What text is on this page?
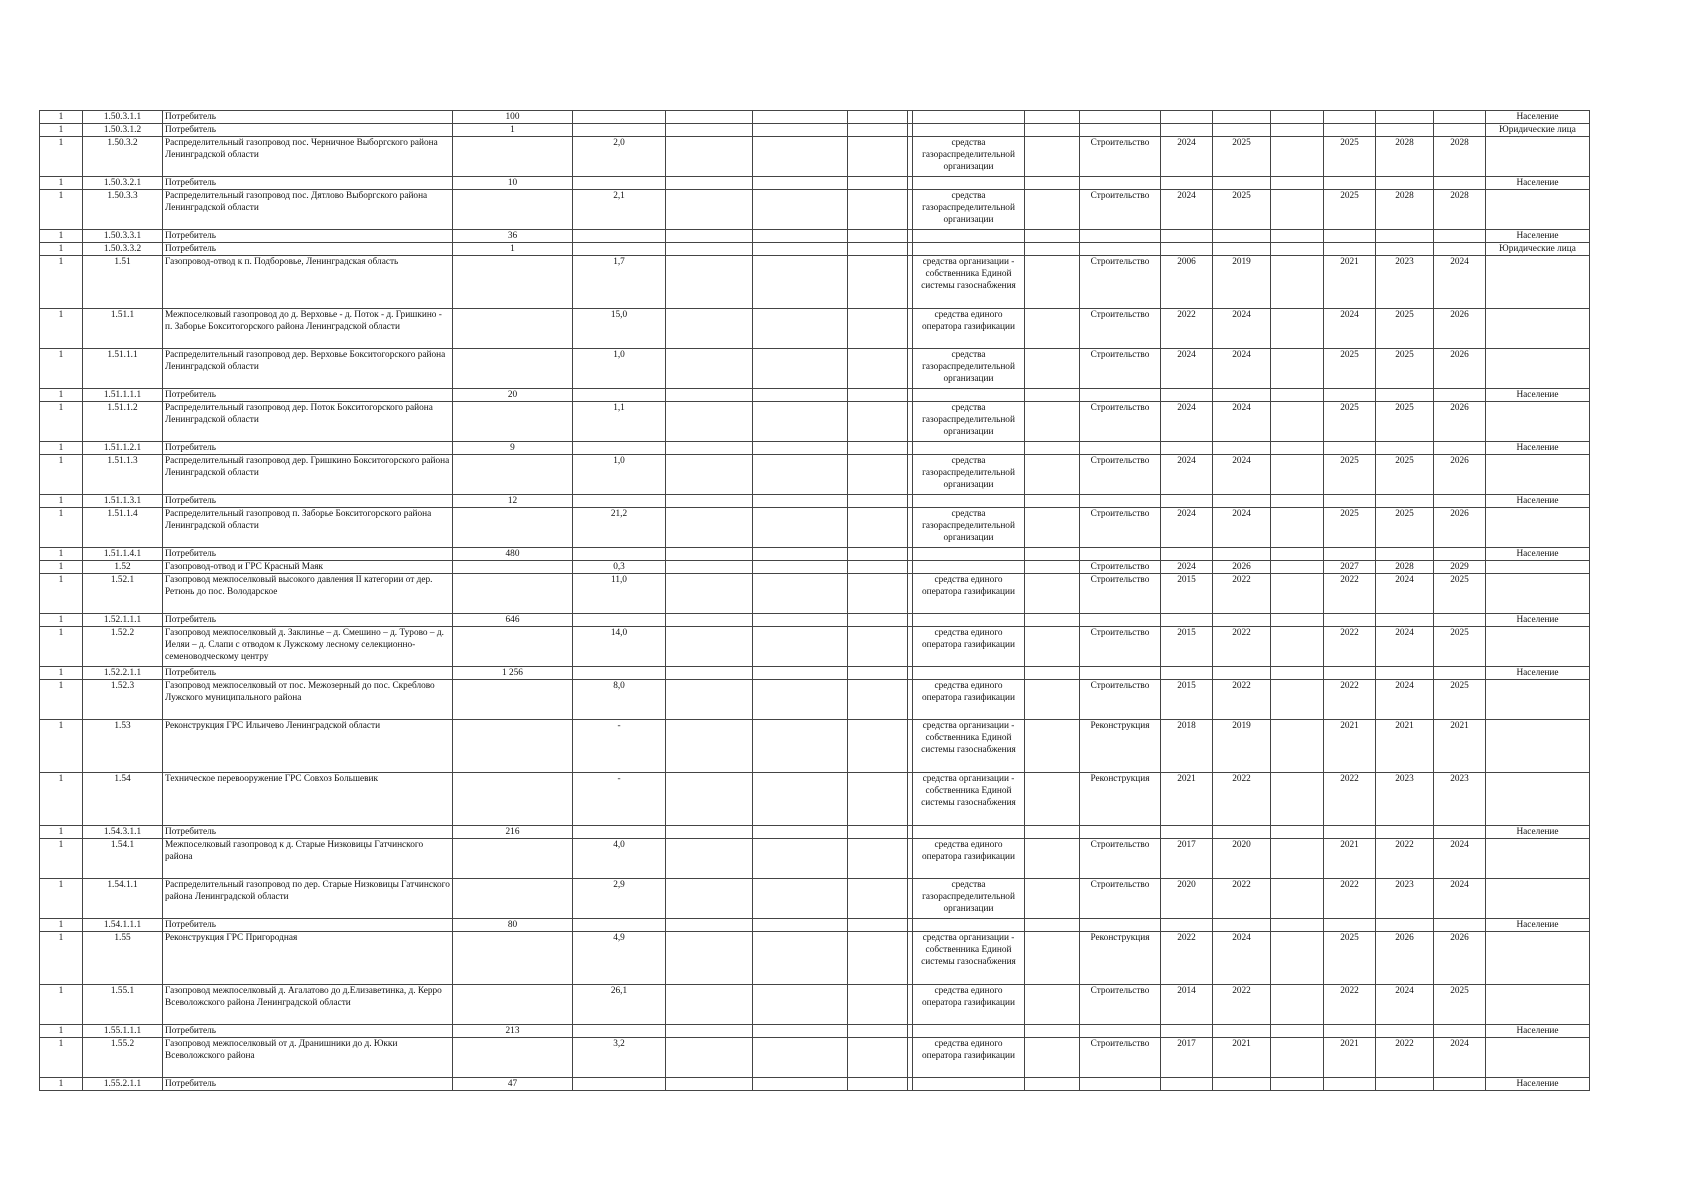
1	1.50.3.1.1	Потребитель	100															Население
1	1.50.3.1.2	Потребитель	1															Юридические лица
1	1.50.3.2	Распределительный газопровод пос. Черничное Выборгского района Ленинградской области		2,0					средства газораспределительной организации		Строительство	2024	2025		2025	2028	2028	
1	1.50.3.2.1	Потребитель	10															Население
1	1.50.3.3	Распределительный газопровод пос. Дятлово Выборгского района Ленинградской области		2,1					средства газораспределительной организации		Строительство	2024	2025		2025	2028	2028	
1	1.50.3.3.1	Потребитель	36															Население
1	1.50.3.3.2	Потребитель	1															Юридические лица
1	1.51	Газопровод-отвод к п. Подборовье, Ленинградская область		1,7					средства организации - собственника Единой системы газоснабжения		Строительство	2006	2019		2021	2023	2024	
1	1.51.1	Межпоселковый газопровод до д. Верховье - д. Поток - д. Гришкино - п. Заборье Бокситогорского района Ленинградской области		15,0					средства единого оператора газификации		Строительство	2022	2024		2024	2025	2026	
1	1.51.1.1	Распределительный газопровод дер. Верховье Бокситогорского района Ленинградской области		1,0					средства газораспределительной организации		Строительство	2024	2024		2025	2025	2026	
1	1.51.1.1.1	Потребитель	20															Население
1	1.51.1.2	Распределительный газопровод дер. Поток Бокситогорского района Ленинградской области		1,1					средства газораспределительной организации		Строительство	2024	2024		2025	2025	2026	
1	1.51.1.2.1	Потребитель	9															Население
1	1.51.1.3	Распределительный газопровод дер. Гришкино Бокситогорского района Ленинградской области		1,0					средства газораспределительной организации		Строительство	2024	2024		2025	2025	2026	
1	1.51.1.3.1	Потребитель	12															Население
1	1.51.1.4	Распределительный газопровод п. Заборье Бокситогорского района Ленинградской области		21,2					средства газораспределительной организации		Строительство	2024	2024		2025	2025	2026	
1	1.51.1.4.1	Потребитель	480															Население
1	1.52	Газопровод-отвод и ГРС Красный Маяк		0,3							Строительство	2024	2026		2027	2028	2029	
1	1.52.1	Газопровод межпоселковый высокого давления II категории от дер. Ретюнь до пос. Володарское		11,0					средства единого оператора газификации		Строительство	2015	2022		2022	2024	2025	
1	1.52.1.1.1	Потребитель	646															Население
1	1.52.2	Газопровод межпоселковый д. Заклинье – д. Смешино – д. Турово – д. Иеляи – д. Слапи с отводом к Лужскому лесному селекционно-семеноводческому центру		14,0					средства единого оператора газификации		Строительство	2015	2022		2022	2024	2025	
1	1.52.2.1.1	Потребитель	1 256															Население
1	1.52.3	Газопровод межпоселковый от пос. Межозерный до пос. Скреблово Лужского муниципального района		8,0					средства единого оператора газификации		Строительство	2015	2022		2022	2024	2025	
1	1.53	Реконструкция ГРС Ильичево Ленинградской области		-					средства организации - собственника Единой системы газоснабжения		Реконструкция	2018	2019		2021	2021	2021	
1	1.54	Техническое перевооружение ГРС Совхоз Большевик		-					средства организации - собственника Единой системы газоснабжения		Реконструкция	2021	2022		2022	2023	2023	
1	1.54.3.1.1	Потребитель	216															Население
1	1.54.1	Межпоселковый газопровод к д. Старые Низковицы Гатчинского района		4,0					средства единого оператора газификации		Строительство	2017	2020		2021	2022	2024	
1	1.54.1.1	Распределительный газопровод по дер. Старые Низковицы Гатчинского района Ленинградской области		2,9					средства газораспределительной организации		Строительство	2020	2022		2022	2023	2024	
1	1.54.1.1.1	Потребитель	80															Население
1	1.55	Реконструкция ГРС Пригородная		4,9					средства организации - собственника Единой системы газоснабжения		Реконструкция	2022	2024		2025	2026	2026	
1	1.55.1	Газопровод межпоселковый д. Агалатово до д.Елизаветинка, д. Керро Всеволожского района Ленинградской области		26,1					средства единого оператора газификации		Строительство	2014	2022		2022	2024	2025	
1	1.55.1.1.1	Потребитель	213															Население
1	1.55.2	Газопровод межпоселковый от д. Дранишники до д. Юкки Всеволожского района		3,2					средства единого оператора газификации		Строительство	2017	2021		2021	2022	2024	
1	1.55.2.1.1	Потребитель	47															Население
